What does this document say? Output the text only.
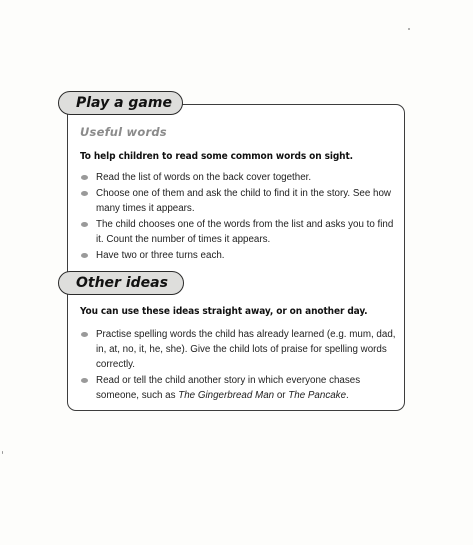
Play a game
Useful words
To help children to read some common words on sight.
Read the list of words on the back cover together.
Choose one of them and ask the child to find it in the story. See how many times it appears.
The child chooses one of the words from the list and asks you to find it. Count the number of times it appears.
Have two or three turns each.
Other ideas
You can use these ideas straight away, or on another day.
Practise spelling words the child has already learned (e.g. mum, dad, in, at, no, it, he, she). Give the child lots of praise for spelling words correctly.
Read or tell the child another story in which everyone chases someone, such as The Gingerbread Man or The Pancake.
